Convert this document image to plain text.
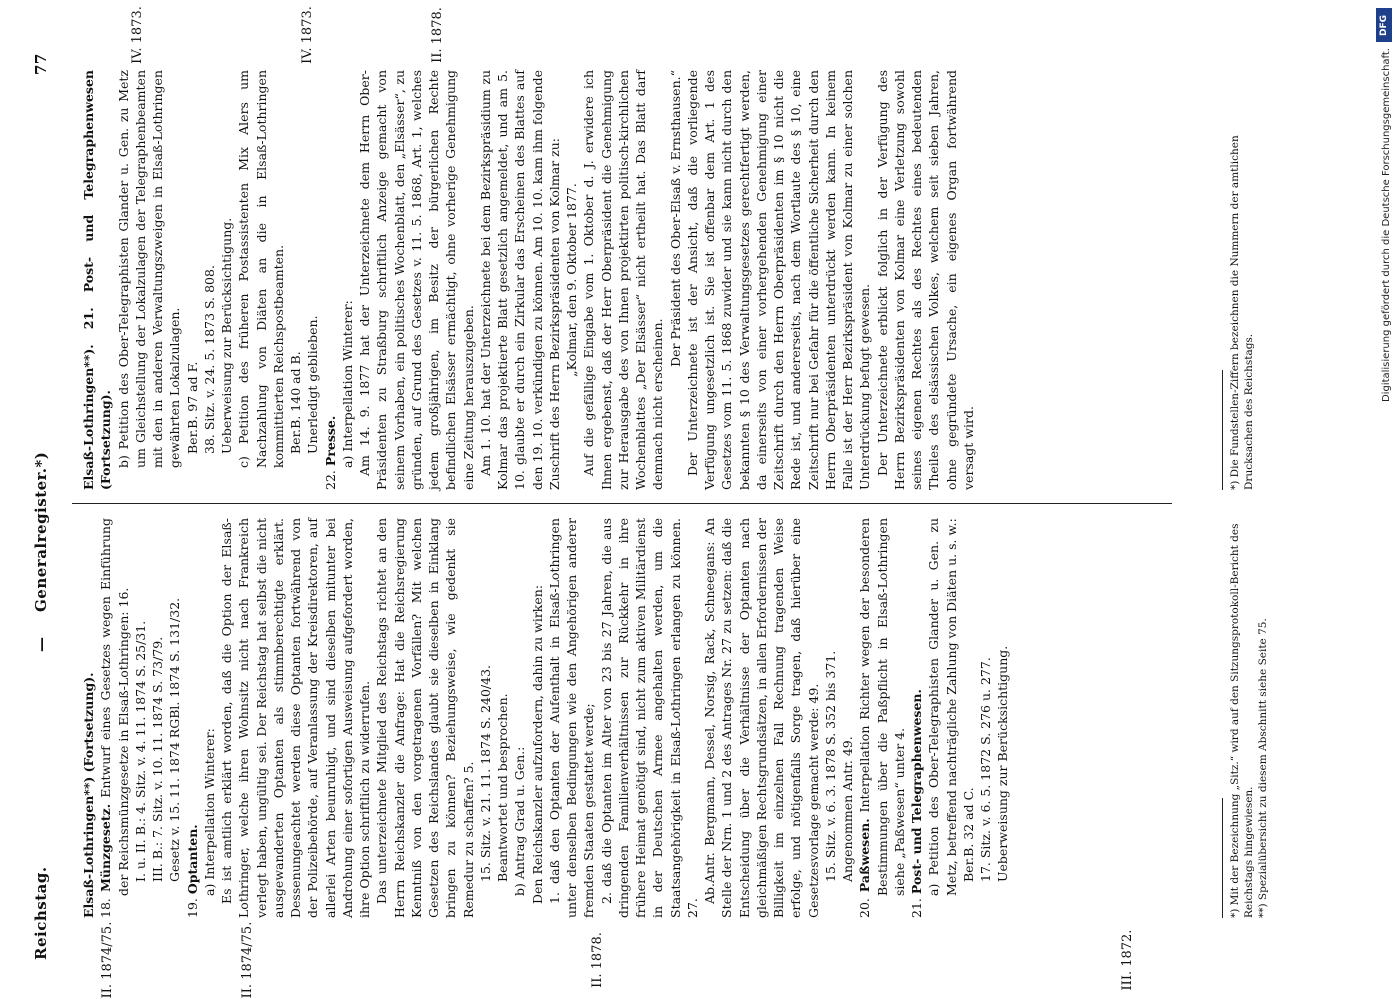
Reichstag.
—
Generalregister.*)
77

Elsaß-Lothringen**) (Fortsetzung). 18. Münzgesetz. Entwurf eines Gesetzes wegen Einführung der Reichsmünzgesetze in Elsaß-Lothringen: 16. I. u. II. B.: 4. Sitz. v. 4. 11. 1874 S. 25/31. III. B.: 7. Sitz. v. 10. 11. 1874 S. 73/79. Gesetz v. 15. 11. 1874 RGBl. 1874 S. 131/32.

19. Optanten. a) Interpellation Winterer: Es ist amtlich erklärt worden, daß die Option der Elsaß-Lothringer, welche ihren Wohnsitz nicht nach Frankreich verlegt haben, ungültig sei. Der Reichstag hat selbst die nicht ausgewanderten Optanten als stimmberechtigte erklärt. Dessenungeachtet werden diese Optanten fortwährend von der Polizeibehörde, auf Veranlassung der Kreisdirektoren, auf allerlei Arten beunruhigt, und sind dieselben mitunter bei Androhung einer sofortigen Ausweisung aufgefordert worden, ihre Option schriftlich zu widerrufen. Das unterzeichnete Mitglied des Reichstags richtet an den Herrn Reichskanzler die Anfrage: Hat die Reichsregierung Kenntniß von den vorgetragenen Vorfällen? Mit welchen Gesetzen des Reichslandes glaubt sie dieselben in Einklang bringen zu können? Beziehungsweise, wie gedenkt sie Remedur zu schaffen? 5. 15. Sitz. v. 21. 11. 1874 S. 240/43. Beantwortet und besprochen.

b) Antrag Grad u. Gen.: Den Reichskanzler aufzufordern, dahin zu wirken: 1. daß den Optanten der Aufenthalt in Elsaß-Lothringen unter denselben Bedingungen wie den Angehörigen anderer fremden Staaten gestattet werde; 2. daß die Optanten im Alter von 23 bis 27 Jahren, die aus dringenden Familienverhältnissen zur Rückkehr in ihre frühere Heimat genötigt sind, nicht zum aktiven Militärdienst in der Deutschen Armee angehalten werden, um die Staatsangehörigkeit in Elsaß-Lothringen erlangen zu können. 27.

Ab.Antr. Bergmann, Dessel, Norsig, Rack, Schneegans: An Stelle der Nrn. 1 und 2 des Antrages Nr. 27 zu setzen: daß die Entscheidung über die Verhältnisse der Optanten nach gleichmäßigen Rechtsgrundsätzen, in allen Erfordernissen der Billigkeit im einzelnen Fall Rechnung tragenden Weise erfolge, und nötigenfalls Sorge tragen, daß hierüber eine Gesetzesvorlage gemacht werde: 49. 15. Sitz. v. 6. 3. 1878 S. 352 bis 371. Angenommen Antr. 49.

20. Paßwesen. Interpellation Richter wegen der besonderen Bestimmungen über die Paßpflicht in Elsaß-Lothringen siehe „Paßwesen“ unter 4.

21. Post- und Telegraphenwesen. a) Petition des Ober-Telegraphisten Glander u. Gen. zu Metz, betreffend nachträgliche Zahlung von Diäten u. s. w.: Ber.B. 32 ad C. 17. Sitz. v. 6. 5. 1872 S. 276 u. 277. Ueberweisung zur Berücksichtigung.

Elsaß-Lothringen**). 21. Post- und Telegraphenwesen (Fortsetzung). b) Petition des Ober-Telegraphisten Glander u. Gen. zu Metz um Gleichstellung der Lokalzulagen der Telegraphenbeamten mit den in anderen Verwaltungszweigen in Elsaß-Lothringen gewährten Lokalzulagen. Ber.B. 97 ad F. 38. Sitz. v. 24. 5. 1873 S. 808. Ueberweisung zur Berücksichtigung.

c) Petition des früheren Postassistenten Mix Alers um Nachzahlung von Diäten an die in Elsaß-Lothringen kommittierten Reichspostbeamten. Ber.B. 140 ad B. Unerledigt geblieben.

22. Presse. a) Interpellation Winterer: Am 14. 9. 1877 hat der Unterzeichnete dem Herrn Ober-Präsidenten zu Straßburg schriftlich Anzeige gemacht von seinem Vorhaben, ein politisches Wochenblatt, den „Elsässer“, zu gründen, auf Grund des Gesetzes v. 11. 5. 1868, Art. 1, welches jedem großjährigen, im Besitz der bürgerlichen Rechte befindlichen Elsässer ermächtigt, ohne vorherige Genehmigung eine Zeitung herauszugeben. Am 1. 10. hat der Unterzeichnete bei dem Bezirkspräsidium zu Kolmar das projektierte Blatt gesetzlich angemeldet, und am 5. 10. glaubte er durch ein Zirkular das Erscheinen des Blattes auf den 19. 10. verkündigen zu können. Am 10. 10. kam ihm folgende Zuschrift des Herrn Bezirkspräsidenten von Kolmar zu: „Kolmar, den 9. Oktober 1877. Auf die gefällige Eingabe vom 1. Oktober d. J. erwidere ich Ihnen ergebenst, daß der Herr Oberpräsident die Genehmigung zur Herausgabe des von Ihnen projektirten politisch-kirchlichen Wochenblattes „Der Elsässer“ nicht ertheilt hat. Das Blatt darf demnach nicht erscheinen.

Der Präsident des Ober-Elsaß v. Ernsthausen.“ Der Unterzeichnete ist der Ansicht, daß die vorliegende Verfügung ungesetzlich ist. Sie ist offenbar dem Art. 1 des Gesetzes vom 11. 5. 1868 zuwider und sie kann nicht durch den bekannten § 10 des Verwaltungsgesetzes gerechtfertigt werden, da einerseits von einer vorhergehenden Genehmigung einer Zeitschrift durch den Herrn Oberpräsidenten im § 10 nicht die Rede ist, und andererseits, nach dem Wortlaute des § 10, eine Zeitschrift nur bei Gefahr für die öffentliche Sicherheit durch den Herrn Oberpräsidenten unterdrückt werden kann. In keinem Falle ist der Herr Bezirkspräsident von Kolmar zu einer solchen Unterdrückung befugt gewesen. Der Unterzeichnete erblickt folglich in der Verfügung des Herrn Bezirkspräsidenten von Kolmar eine Verletzung sowohl seines eigenen Rechtes als des Rechtes eines bedeutenden Theiles des elsässischen Volkes, welchem seit sieben Jahren, ohne gegründete Ursache, ein eigenes Organ fortwährend versagt wird.

II. 1874/75.	II. 1874/75.	II. 1878.	III. 1872.
IV. 1873.	IV. 1873.	II. 1878.
*) Mit der Bezeichnung „Sitz.“ wird auf den Sitzungsprotokoll-Bericht des Reichstags hingewiesen. **) Spezialübersicht zu diesem Abschnitt siehe Seite 75.
*) Die Fundstellen-Ziffern bezeichnen die Nummern der amtlichen Drucksachen des Reichstags.
DFG
Digitalisierung gefördert durch die Deutsche Forschungsgemeinschaft.
